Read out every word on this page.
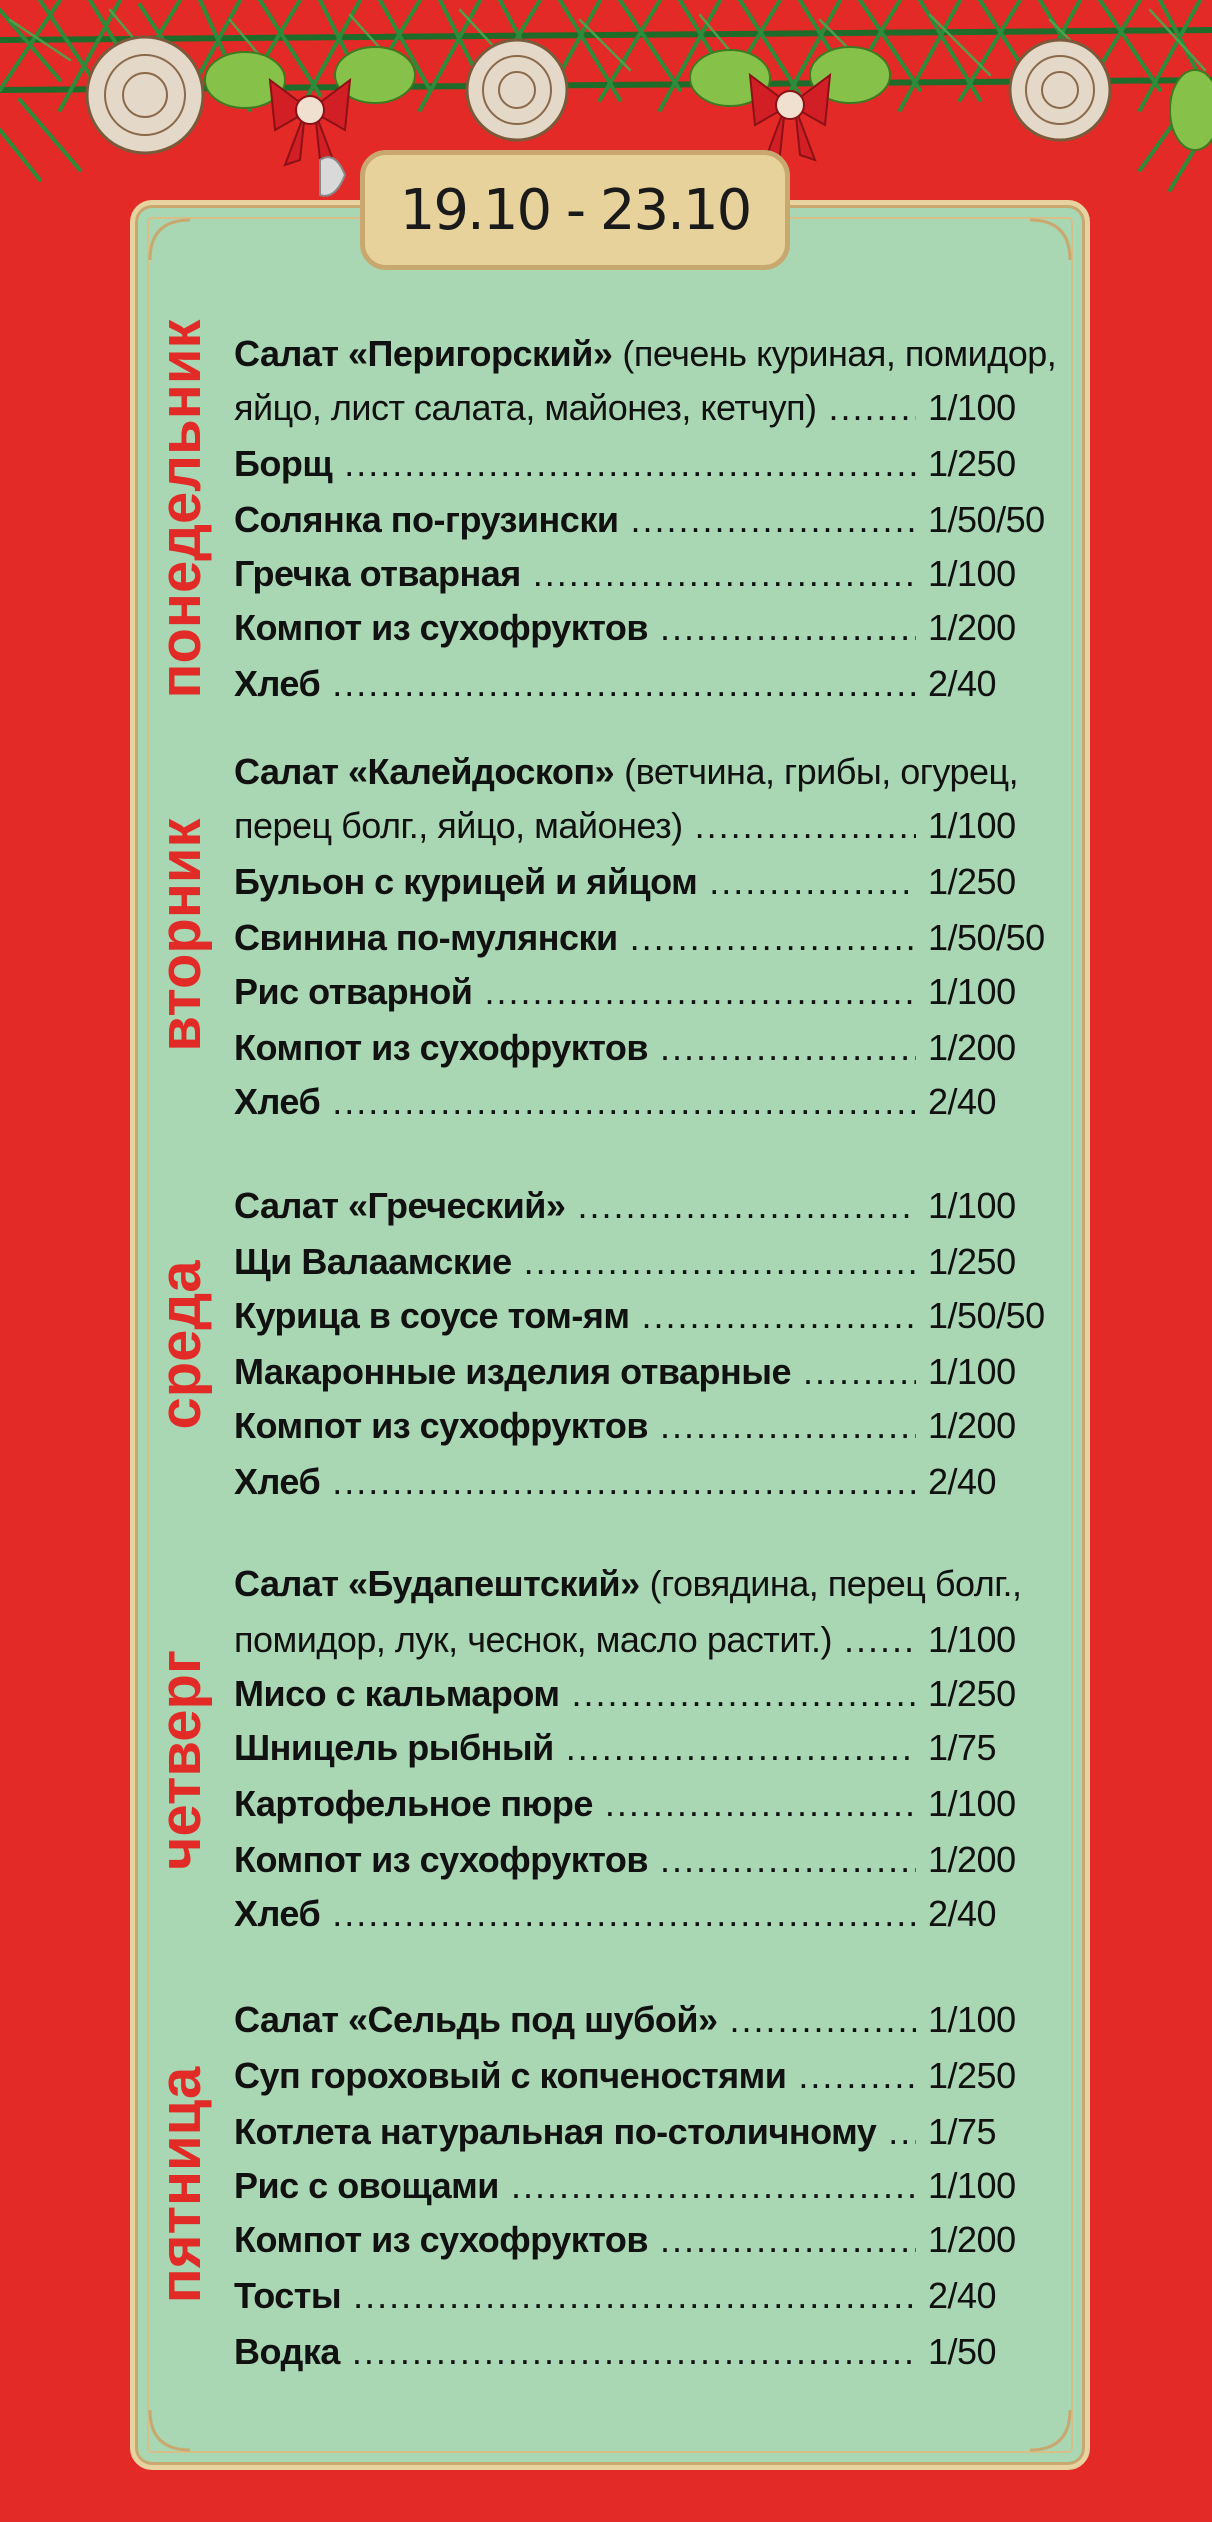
19.10 - 23.10
понедельник
вторник
среда
четверг
пятница
Салат «Перигорский» (печень куриная, помидор,
яйцо, лист салата, майонез, кетчуп) .....	1/100
Борщ .....	1/250
Солянка по-грузински .....	1/50/50
Гречка отварная .....	1/100
Компот из сухофруктов .....	1/200
Хлеб .....	2/40
Салат «Калейдоскоп» (ветчина, грибы, огурец,
перец болг., яйцо, майонез) .....	1/100
Бульон с курицей и яйцом .....	1/250
Свинина по-мулянски .....	1/50/50
Рис отварной .....	1/100
Компот из сухофруктов .....	1/200
Хлеб .....	2/40
Салат «Греческий» .....	1/100
Щи Валаамские .....	1/250
Курица в соусе том-ям .....	1/50/50
Макаронные изделия отварные .....	1/100
Компот из сухофруктов .....	1/200
Хлеб .....	2/40
Салат «Будапештский» (говядина, перец болг.,
помидор, лук, чеснок, масло растит.) .....	1/100
Мисо с кальмаром .....	1/250
Шницель рыбный .....	1/75
Картофельное пюре .....	1/100
Компот из сухофруктов .....	1/200
Хлеб .....	2/40
Салат «Сельдь под шубой» .....	1/100
Суп гороховый с копченостями .....	1/250
Котлета натуральная по-столичному ..... 1/75
Рис с овощами .....	1/100
Компот из сухофруктов .....	1/200
Тосты .....	2/40
Водка .....	1/50
